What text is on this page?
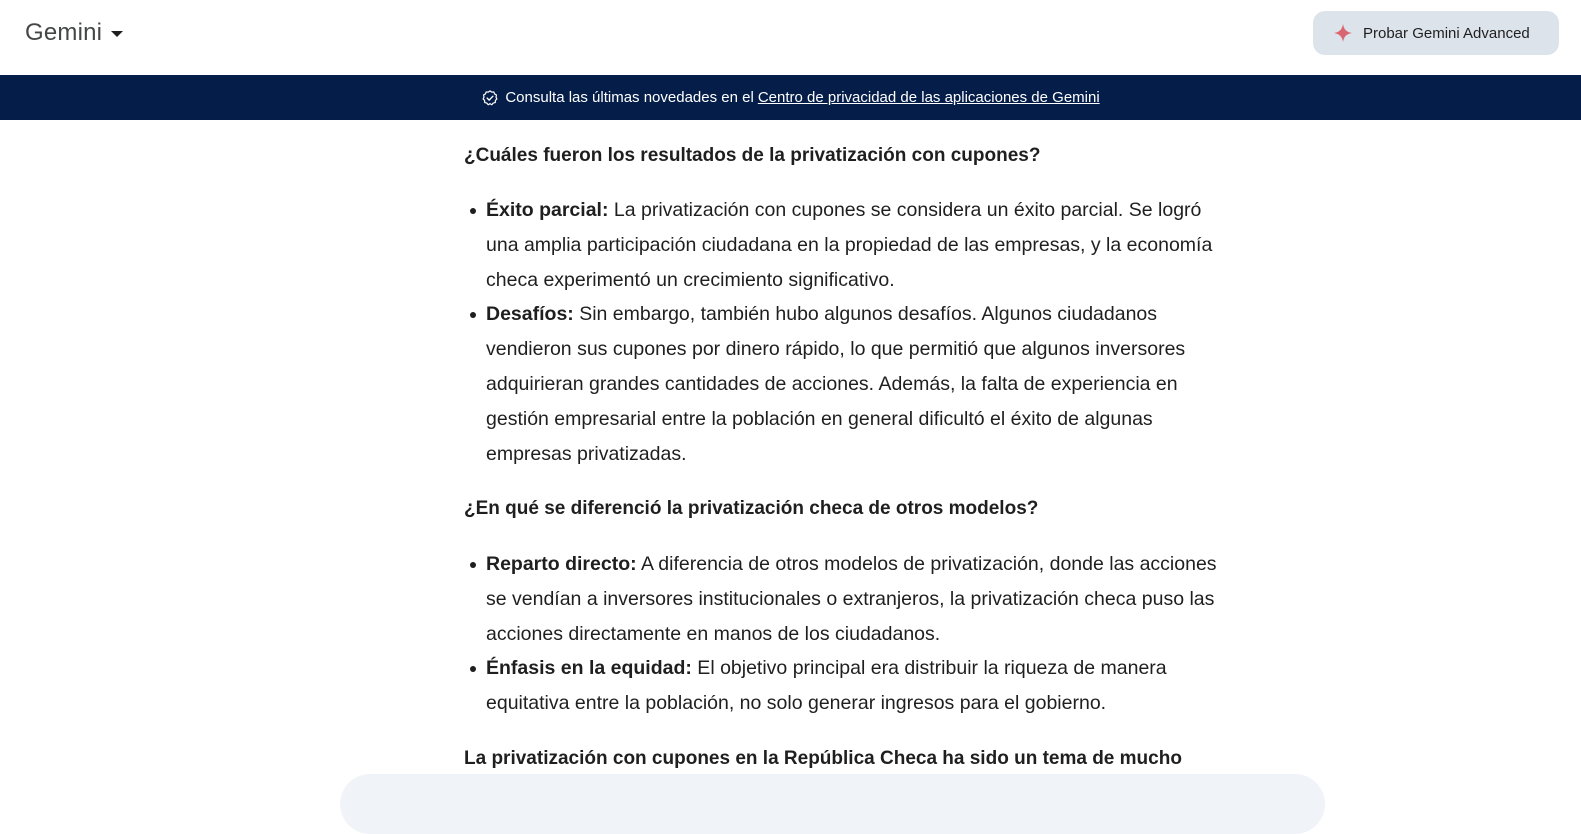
Gemini	Probar Gemini Advanced
Consulta las últimas novedades en el Centro de privacidad de las aplicaciones de Gemini
¿Cuáles fueron los resultados de la privatización con cupones?
Éxito parcial: La privatización con cupones se considera un éxito parcial. Se logró una amplia participación ciudadana en la propiedad de las empresas, y la economía checa experimentó un crecimiento significativo.
Desafíos: Sin embargo, también hubo algunos desafíos. Algunos ciudadanos vendieron sus cupones por dinero rápido, lo que permitió que algunos inversores adquirieran grandes cantidades de acciones. Además, la falta de experiencia en gestión empresarial entre la población en general dificultó el éxito de algunas empresas privatizadas.
¿En qué se diferenció la privatización checa de otros modelos?
Reparto directo: A diferencia de otros modelos de privatización, donde las acciones se vendían a inversores institucionales o extranjeros, la privatización checa puso las acciones directamente en manos de los ciudadanos.
Énfasis en la equidad: El objetivo principal era distribuir la riqueza de manera equitativa entre la población, no solo generar ingresos para el gobierno.
La privatización con cupones en la República Checa ha sido un tema de mucho
